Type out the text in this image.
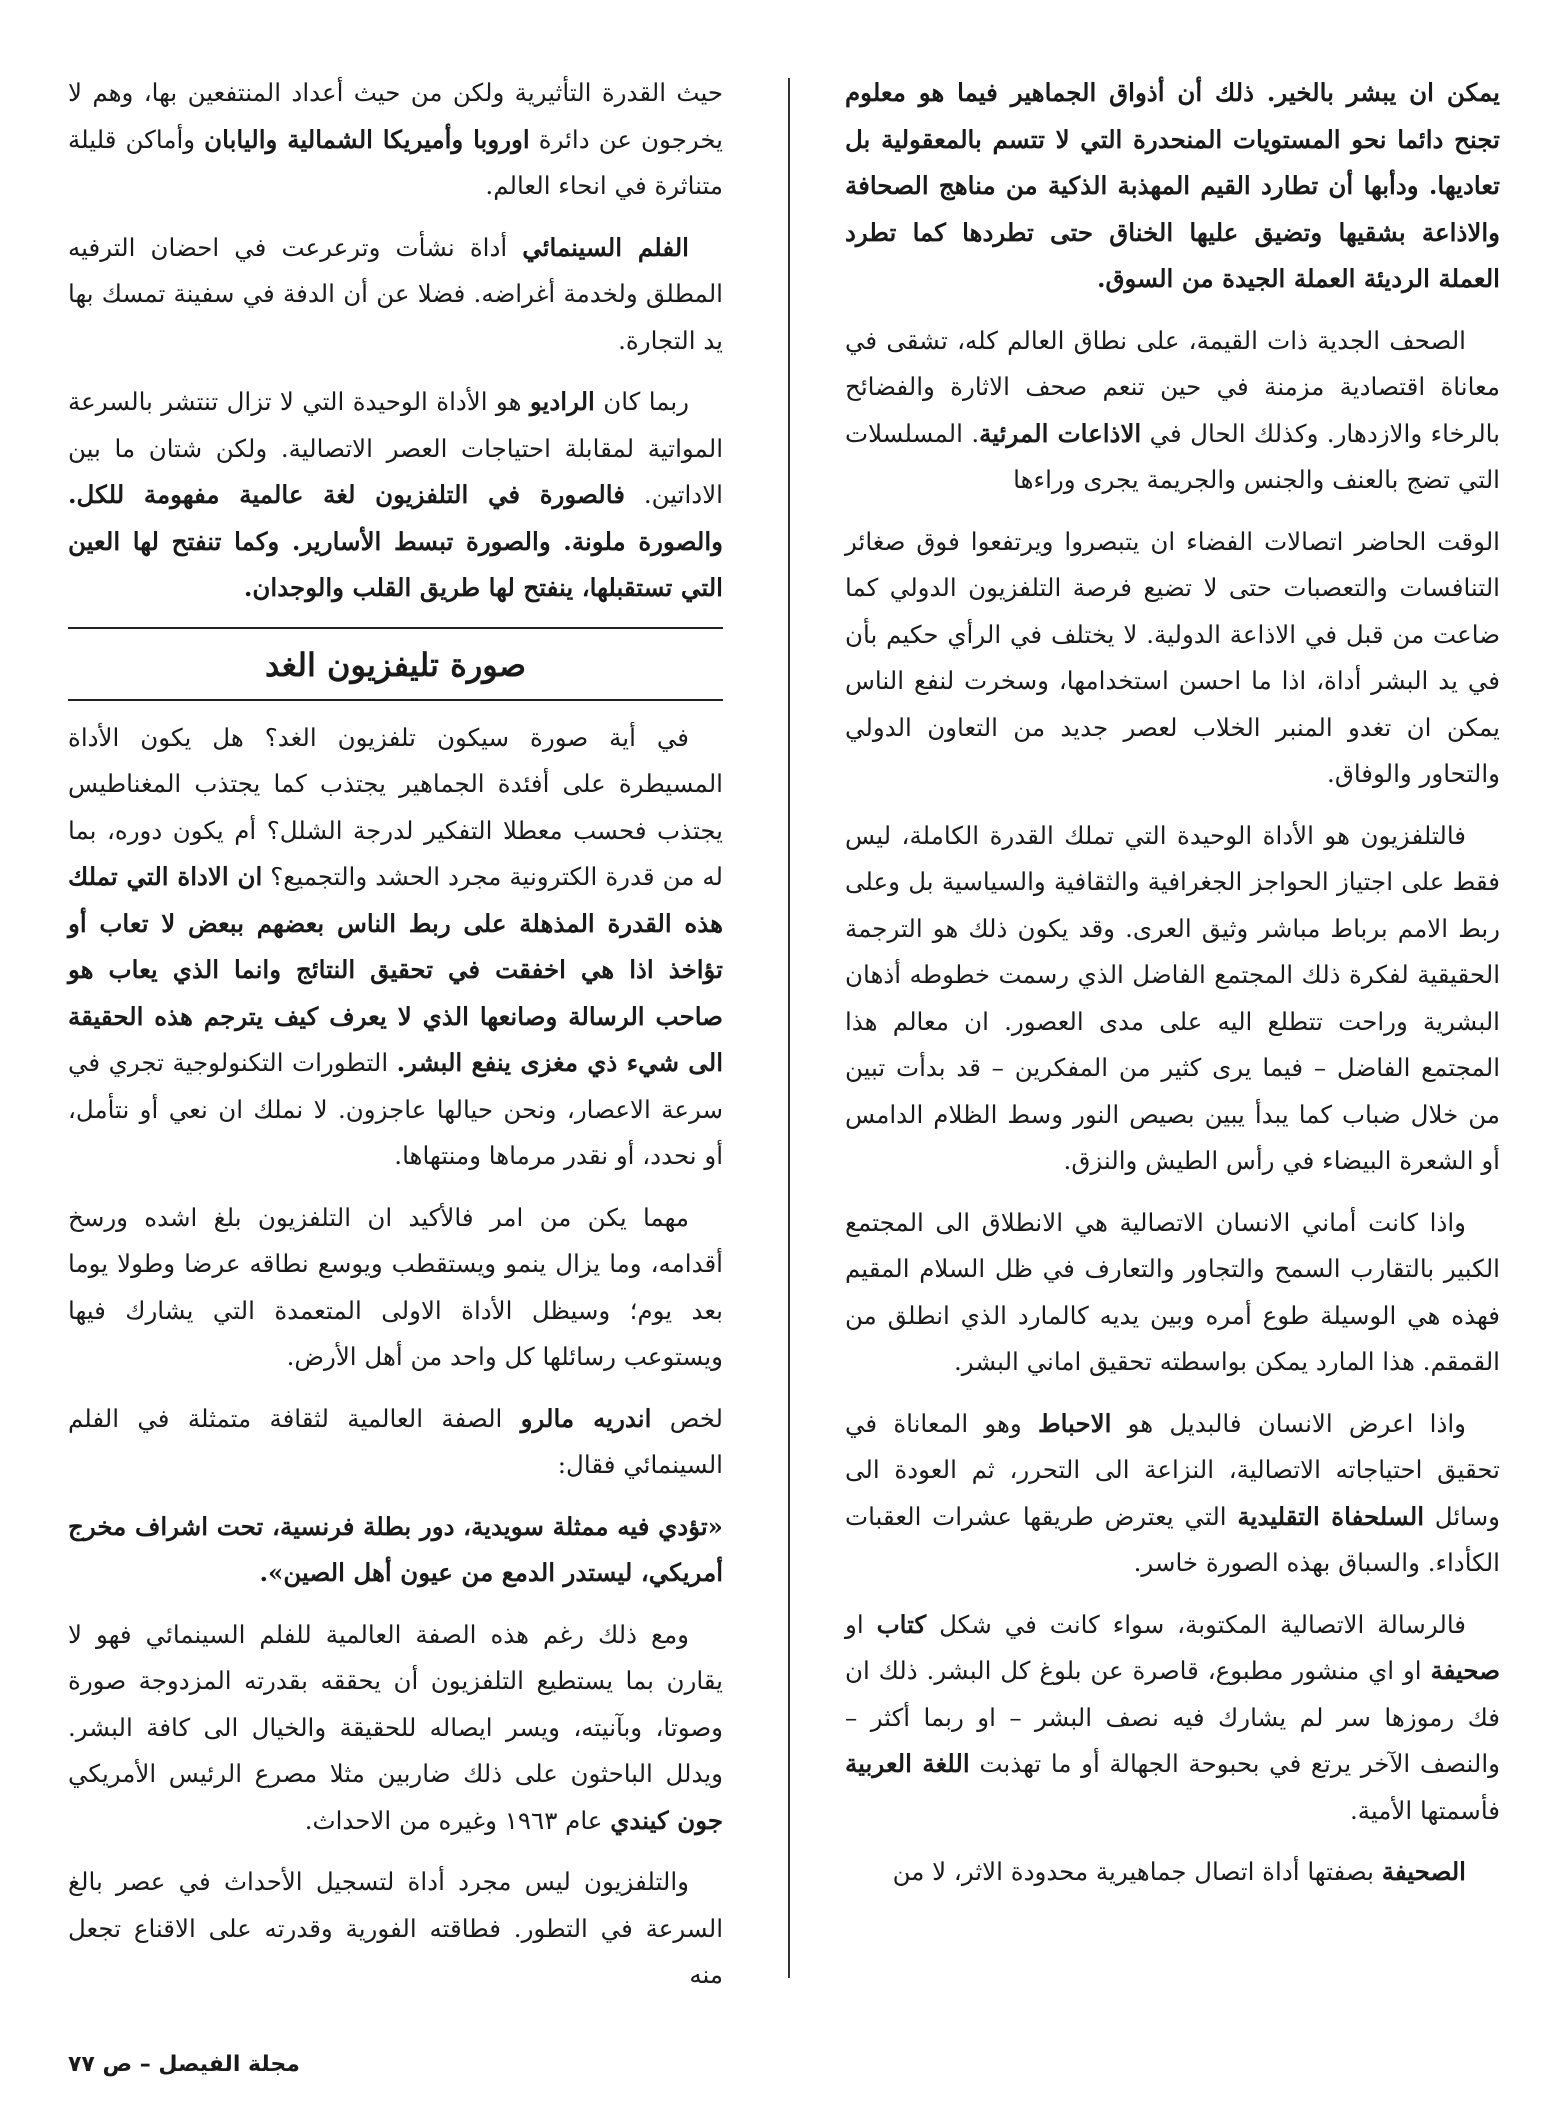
يمكن ان يبشر بالخير. ذلك أن أذواق الجماهير فيما هو معلوم تجنح دائما نحو المستويات المنحدرة التي لا تتسم بالمعقولية بل تعاديها. ودأبها أن تطارد القيم المهذبة الذكية من مناهج الصحافة والاذاعة بشقيها وتضيق عليها الخناق حتى تطردها كما تطرد العملة الرديئة العملة الجيدة من السوق.

الصحف الجدية ذات القيمة، على نطاق العالم كله، تشقى في معاناة اقتصادية مزمنة في حين تنعم صحف الاثارة والفضائح بالرخاء والازدهار. وكذلك الحال في الاذاعات المرئية. المسلسلات التي تضج بالعنف والجنس والجريمة يجرى وراءها

الوقت الحاضر اتصالات الفضاء ان يتبصروا ويرتفعوا فوق صغائر التنافسات والتعصبات حتى لا تضيع فرصة التلفزيون الدولي كما ضاعت من قبل في الاذاعة الدولية. لا يختلف في الرأي حكيم بأن في يد البشر أداة، اذا ما احسن استخدامها، وسخرت لنفع الناس يمكن ان تغدو المنبر الخلاب لعصر جديد من التعاون الدولي والتحاور والوفاق.

فالتلفزيون هو الأداة الوحيدة التي تملك القدرة الكاملة، ليس فقط على اجتياز الحواجز الجغرافية والثقافية والسياسية بل وعلى ربط الامم برباط مباشر وثيق العرى. وقد يكون ذلك هو الترجمة الحقيقية لفكرة ذلك المجتمع الفاضل الذي رسمت خطوطه أذهان البشرية وراحت تتطلع اليه على مدى العصور. ان معالم هذا المجتمع الفاضل – فيما يرى كثير من المفكرين – قد بدأت تبين من خلال ضباب كما يبدأ يبين بصيص النور وسط الظلام الدامس أو الشعرة البيضاء في رأس الطيش والنزق.

واذا كانت أماني الانسان الاتصالية هي الانطلاق الى المجتمع الكبير بالتقارب السمح والتجاور والتعارف في ظل السلام المقيم فهذه هي الوسيلة طوع أمره وبين يديه كالمارد الذي انطلق من القمقم. هذا المارد يمكن بواسطته تحقيق اماني البشر.

واذا اعرض الانسان فالبديل هو الاحباط وهو المعاناة في تحقيق احتياجاته الاتصالية، النزاعة الى التحرر، ثم العودة الى وسائل السلحفاة التقليدية التي يعترض طريقها عشرات العقبات الكأداء. والسباق بهذه الصورة خاسر.

فالرسالة الاتصالية المكتوبة، سواء كانت في شكل كتاب او صحيفة او اي منشور مطبوع، قاصرة عن بلوغ كل البشر. ذلك ان فك رموزها سر لم يشارك فيه نصف البشر – او ربما أكثر – والنصف الآخر يرتع في بحبوحة الجهالة أو ما تهذبت اللغة العربية فأسمتها الأمية.

الصحيفة بصفتها أداة اتصال جماهيرية محدودة الاثر، لا من

حيث القدرة التأثيرية ولكن من حيث أعداد المنتفعين بها، وهم لا يخرجون عن دائرة اوروبا وأميريكا الشمالية واليابان وأماكن قليلة متناثرة في انحاء العالم.

الفلم السينمائي أداة نشأت وترعرعت في احضان الترفيه المطلق ولخدمة أغراضه. فضلا عن أن الدفة في سفينة تمسك بها يد التجارة.

ربما كان الراديو هو الأداة الوحيدة التي لا تزال تنتشر بالسرعة المواتية لمقابلة احتياجات العصر الاتصالية. ولكن شتان ما بين الاداتين. فالصورة في التلفزيون لغة عالمية مفهومة للكل. والصورة ملونة. والصورة تبسط الأسارير. وكما تنفتح لها العين التي تستقبلها، ينفتح لها طريق القلب والوجدان.

صورة تليفزيون الغد

في أية صورة سيكون تلفزيون الغد؟ هل يكون الأداة المسيطرة على أفئدة الجماهير يجتذب كما يجتذب المغناطيس يجتذب فحسب معطلا التفكير لدرجة الشلل؟ أم يكون دوره، بما له من قدرة الكترونية مجرد الحشد والتجميع؟ ان الاداة التي تملك هذه القدرة المذهلة على ربط الناس بعضهم ببعض لا تعاب أو تؤاخذ اذا هي اخفقت في تحقيق النتائج وانما الذي يعاب هو صاحب الرسالة وصانعها الذي لا يعرف كيف يترجم هذه الحقيقة الى شيء ذي مغزى ينفع البشر. التطورات التكنولوجية تجري في سرعة الاعصار، ونحن حيالها عاجزون. لا نملك ان نعي أو نتأمل، أو نحدد، أو نقدر مرماها ومنتهاها.

مهما يكن من امر فالأكيد ان التلفزيون بلغ اشده ورسخ أقدامه، وما يزال ينمو ويستقطب ويوسع نطاقه عرضا وطولا يوما بعد يوم؛ وسيظل الأداة الاولى المتعمدة التي يشارك فيها ويستوعب رسائلها كل واحد من أهل الأرض.

لخص اندريه مالرو الصفة العالمية لثقافة متمثلة في الفلم السينمائي فقال:

«تؤدي فيه ممثلة سويدية، دور بطلة فرنسية، تحت اشراف مخرج أمريكي، ليستدر الدمع من عيون أهل الصين».

ومع ذلك رغم هذه الصفة العالمية للفلم السينمائي فهو لا يقارن بما يستطيع التلفزيون أن يحققه بقدرته المزدوجة صورة وصوتا، وبآنيته، ويسر ايصاله للحقيقة والخيال الى كافة البشر. ويدلل الباحثون على ذلك ضاربين مثلا مصرع الرئيس الأمريكي جون كيندي عام ١٩٦٣ وغيره من الاحداث.

والتلفزيون ليس مجرد أداة لتسجيل الأحداث في عصر بالغ السرعة في التطور. فطاقته الفورية وقدرته على الاقناع تجعل منه

مجلة الفيصل – ص ٧٧
